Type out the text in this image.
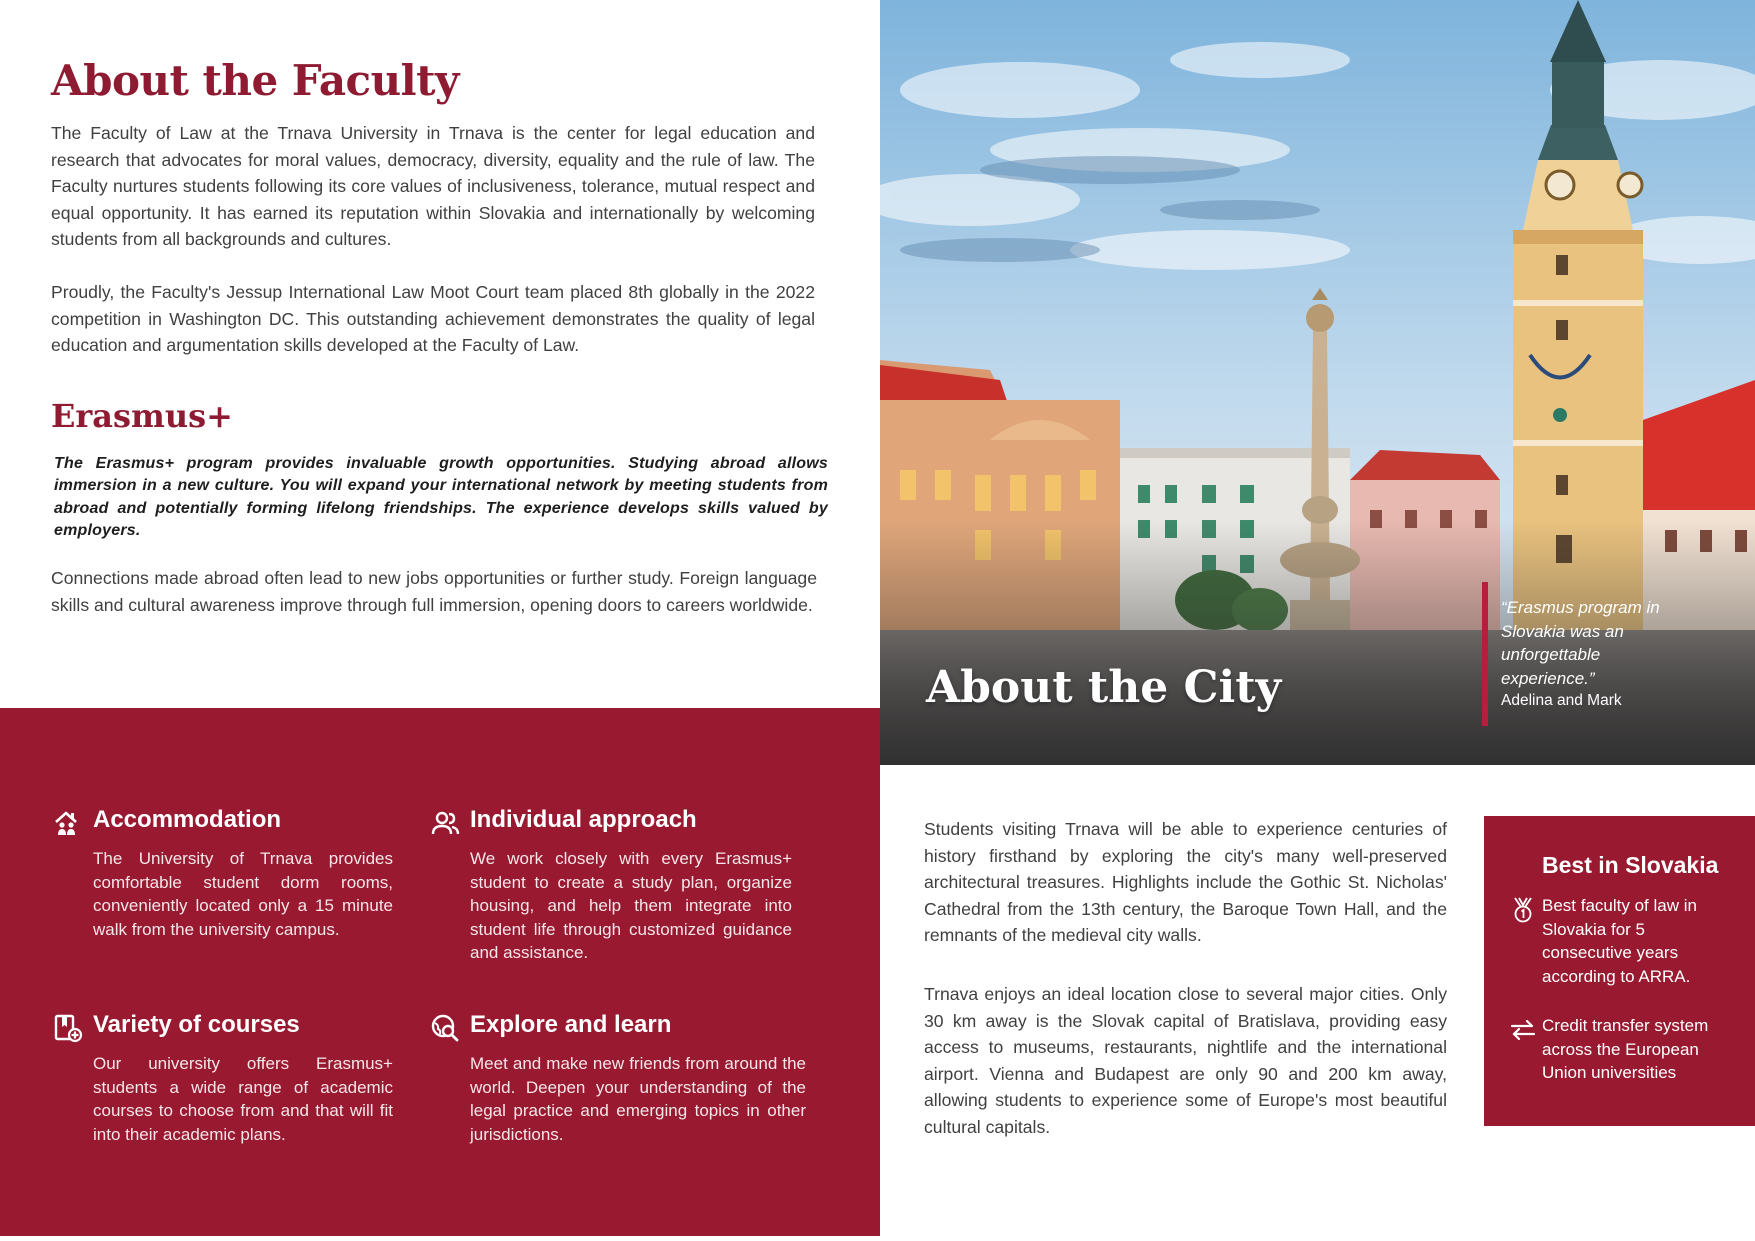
About the Faculty

The Faculty of Law at the Trnava University in Trnava is the center for legal education and research that advocates for moral values, democracy, diversity, equality and the rule of law. The Faculty nurtures students following its core values of inclusiveness, tolerance, mutual respect and equal opportunity. It has earned its reputation within Slovakia and internationally by welcoming students from all backgrounds and cultures.

Proudly, the Faculty's Jessup International Law Moot Court team placed 8th globally in the 2022 competition in Washington DC. This outstanding achievement demonstrates the quality of legal education and argumentation skills developed at the Faculty of Law.

Erasmus+

The Erasmus+ program provides invaluable growth opportunities. Studying abroad allows immersion in a new culture. You will expand your international network by meeting students from abroad and potentially forming lifelong friendships. The experience develops skills valued by employers.

Connections made abroad often lead to new jobs opportunities or further study. Foreign language skills and cultural awareness improve through full immersion, opening doors to careers worldwide.

Accommodation

The University of Trnava provides comfortable student dorm rooms, conveniently located only a 15 minute walk from the university campus.

Individual approach

We work closely with every Erasmus+ student to create a study plan, organize housing, and help them integrate into student life through customized guidance and assistance.

Variety of courses

Our university offers Erasmus+ students a wide range of academic courses to choose from and that will fit into their academic plans.

Explore and learn

Meet and make new friends from around the world. Deepen your understanding of the legal practice and emerging topics in other jurisdictions.

About the City

“Erasmus program in Slovakia was an unforgettable experience.”

Adelina and Mark

Students visiting Trnava will be able to experience centuries of history firsthand by exploring the city's many well-preserved architectural treasures. Highlights include the Gothic St. Nicholas' Cathedral from the 13th century, the Baroque Town Hall, and the remnants of the medieval city walls.

Trnava enjoys an ideal location close to several major cities. Only 30 km away is the Slovak capital of Bratislava, providing easy access to museums, restaurants, nightlife and the international airport. Vienna and Budapest are only 90 and 200 km away, allowing students to experience some of Europe's most beautiful cultural capitals.

Best in Slovakia

Best faculty of law in Slovakia for 5 consecutive years according to ARRA.

Credit transfer system across the European Union universities
